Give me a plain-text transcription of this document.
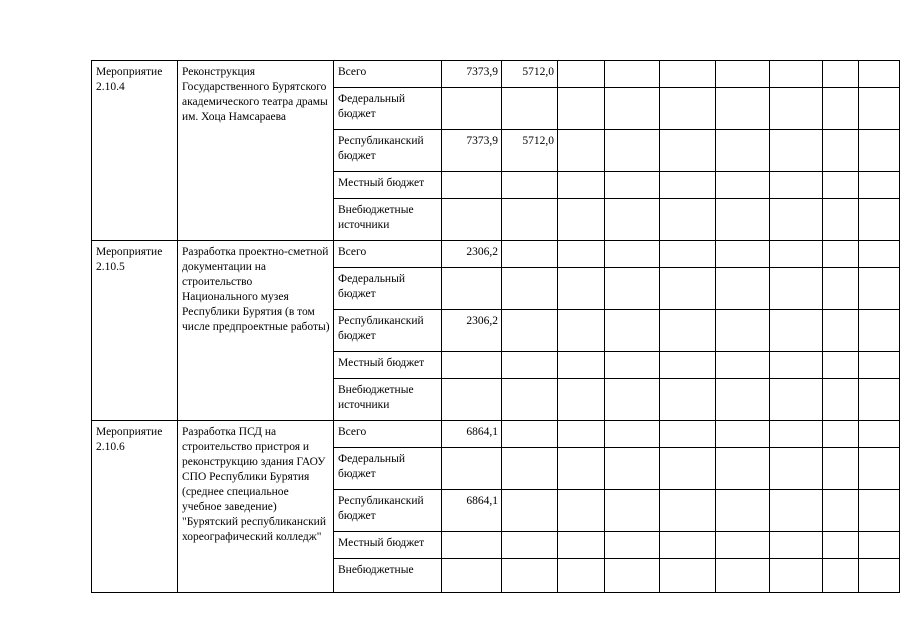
Мероприятие 2.10.4	Реконструкция Государственного Бурятского академического театра драмы им. Хоца Намсараева	Всего	7373,9	5712,0							
		Федеральный бюджет									
		Республиканский бюджет	7373,9	5712,0							
		Местный бюджет									
		Внебюджетные источники									
Мероприятие 2.10.5	Разработка проектно-сметной документации на строительство Национального музея Республики Бурятия (в том числе предпроектные работы)	Всего	2306,2								
		Федеральный бюджет									
		Республиканский бюджет	2306,2								
		Местный бюджет									
		Внебюджетные источники									
Мероприятие 2.10.6	Разработка ПСД на строительство пристроя и реконструкцию здания ГАОУ СПО Республики Бурятия (среднее специальное учебное заведение) "Бурятский республиканский хореографический колледж"	Всего	6864,1								
		Федеральный бюджет									
		Республиканский бюджет	6864,1								
		Местный бюджет									
		Внебюджетные									
